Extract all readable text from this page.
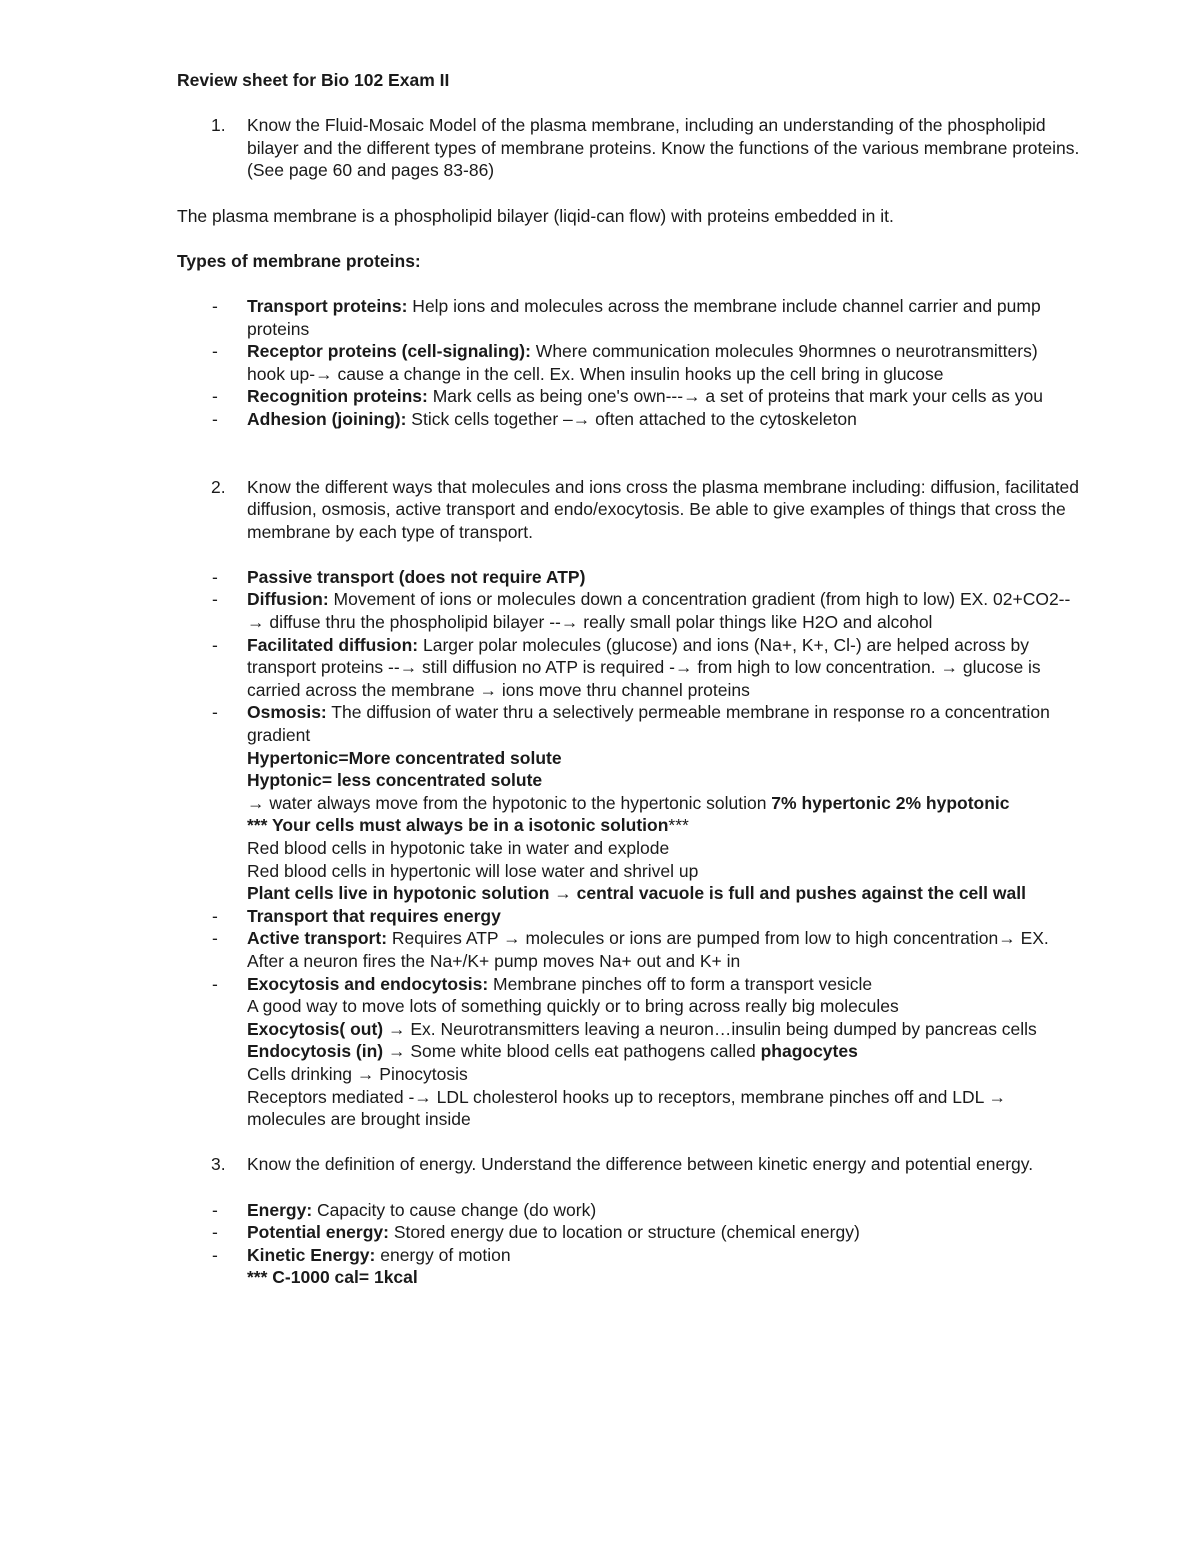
Review sheet for Bio 102 Exam II

1. Know the Fluid-Mosaic Model of the plasma membrane, including an understanding of the phospholipid bilayer and the different types of membrane proteins. Know the functions of the various membrane proteins. (See page 60 and pages 83-86)

The plasma membrane is a phospholipid bilayer (liqid-can flow) with proteins embedded in it.

Types of membrane proteins:

- Transport proteins: Help ions and molecules across the membrane include channel carrier and pump proteins
- Receptor proteins (cell-signaling): Where communication molecules 9hormnes o neurotransmitters) hook up-→ cause a change in the cell. Ex. When insulin hooks up the cell bring in glucose
- Recognition proteins: Mark cells as being one's own---→ a set of proteins that mark your cells as you
- Adhesion (joining): Stick cells together –→ often attached to the cytoskeleton
2. Know the different ways that molecules and ions cross the plasma membrane including: diffusion, facilitated diffusion, osmosis, active transport and endo/exocytosis. Be able to give examples of things that cross the membrane by each type of transport.
- Passive transport (does not require ATP)
- Diffusion: Movement of ions or molecules down a concentration gradient (from high to low) EX. 02+CO2--→ diffuse thru the phospholipid bilayer --→ really small polar things like H2O and alcohol
- Facilitated diffusion: Larger polar molecules (glucose) and ions (Na+, K+, Cl-) are helped across by transport proteins --→ still diffusion no ATP is required -→ from high to low concentration. → glucose is carried across the membrane → ions move thru channel proteins
- Osmosis: The diffusion of water thru a selectively permeable membrane in response ro a concentration gradient
Hypertonic=More concentrated solute
Hyptonic= less concentrated solute
→ water always move from the hypotonic to the hypertonic solution 7% hypertonic 2% hypotonic
*** Your cells must always be in a isotonic solution***
Red blood cells in hypotonic take in water and explode
Red blood cells in hypertonic will lose water and shrivel up
Plant cells live in hypotonic solution → central vacuole is full and pushes against the cell wall
- Transport that requires energy
- Active transport: Requires ATP → molecules or ions are pumped from low to high concentration→ EX. After a neuron fires the Na+/K+ pump moves Na+ out and K+ in
- Exocytosis and endocytosis: Membrane pinches off to form a transport vesicle
A good way to move lots of something quickly or to bring across really big molecules
Exocytosis( out) → Ex. Neurotransmitters leaving a neuron…insulin being dumped by pancreas cells
Endocytosis (in) → Some white blood cells eat pathogens called phagocytes
Cells drinking → Pinocytosis
Receptors mediated -→ LDL cholesterol hooks up to receptors, membrane pinches off and LDL → molecules are brought inside
3. Know the definition of energy. Understand the difference between kinetic energy and potential energy.
- Energy: Capacity to cause change (do work)
- Potential energy: Stored energy due to location or structure (chemical energy)
- Kinetic Energy: energy of motion
*** C-1000 cal= 1kcal
